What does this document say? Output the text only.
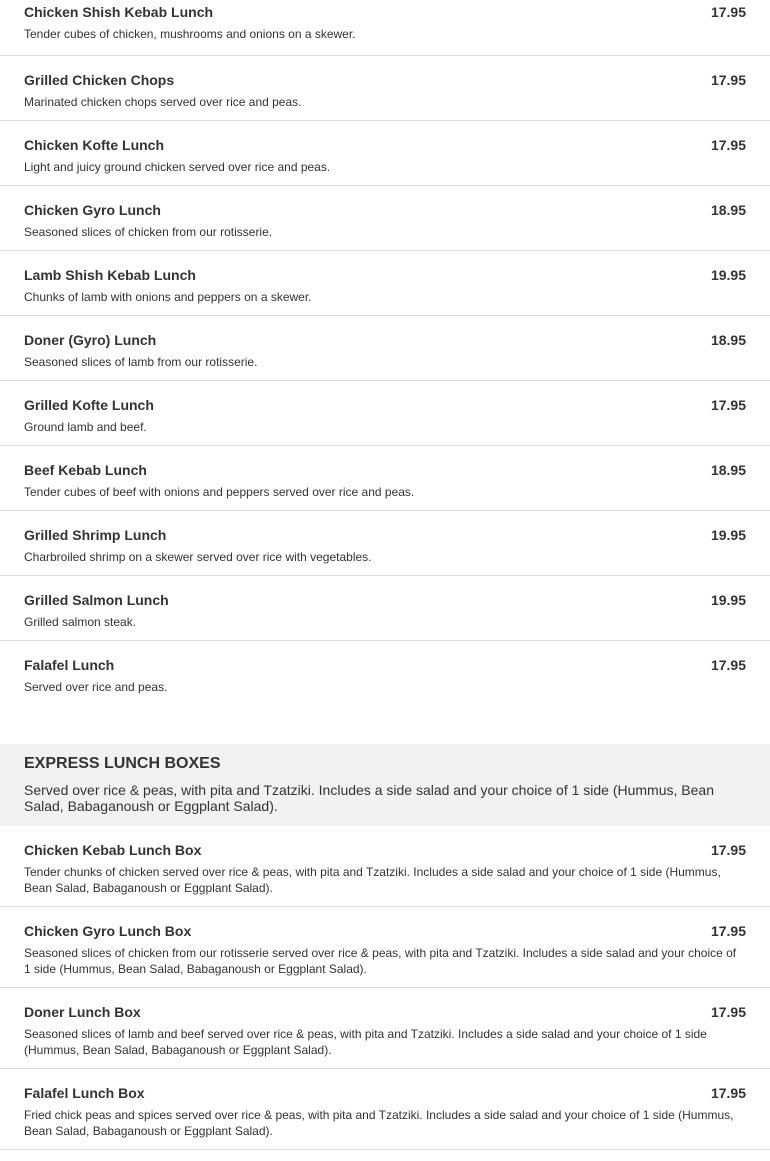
Chicken Shish Kebab Lunch	17.95
Tender cubes of chicken, mushrooms and onions on a skewer.
Grilled Chicken Chops	17.95
Marinated chicken chops served over rice and peas.
Chicken Kofte Lunch	17.95
Light and juicy ground chicken served over rice and peas.
Chicken Gyro Lunch	18.95
Seasoned slices of chicken from our rotisserie.
Lamb Shish Kebab Lunch	19.95
Chunks of lamb with onions and peppers on a skewer.
Doner (Gyro) Lunch	18.95
Seasoned slices of lamb from our rotisserie.
Grilled Kofte Lunch	17.95
Ground lamb and beef.
Beef Kebab Lunch	18.95
Tender cubes of beef with onions and peppers served over rice and peas.
Grilled Shrimp Lunch	19.95
Charbroiled shrimp on a skewer served over rice with vegetables.
Grilled Salmon Lunch	19.95
Grilled salmon steak.
Falafel Lunch	17.95
Served over rice and peas.
EXPRESS LUNCH BOXES
Served over rice & peas, with pita and Tzatziki. Includes a side salad and your choice of 1 side (Hummus, Bean Salad, Babaganoush or Eggplant Salad).
Chicken Kebab Lunch Box	17.95
Tender chunks of chicken served over rice & peas, with pita and Tzatziki. Includes a side salad and your choice of 1 side (Hummus, Bean Salad, Babaganoush or Eggplant Salad).
Chicken Gyro Lunch Box	17.95
Seasoned slices of chicken from our rotisserie served over rice & peas, with pita and Tzatziki. Includes a side salad and your choice of 1 side (Hummus, Bean Salad, Babaganoush or Eggplant Salad).
Doner Lunch Box	17.95
Seasoned slices of lamb and beef served over rice & peas, with pita and Tzatziki. Includes a side salad and your choice of 1 side (Hummus, Bean Salad, Babaganoush or Eggplant Salad).
Falafel Lunch Box	17.95
Fried chick peas and spices served over rice & peas, with pita and Tzatziki. Includes a side salad and your choice of 1 side (Hummus, Bean Salad, Babaganoush or Eggplant Salad).
